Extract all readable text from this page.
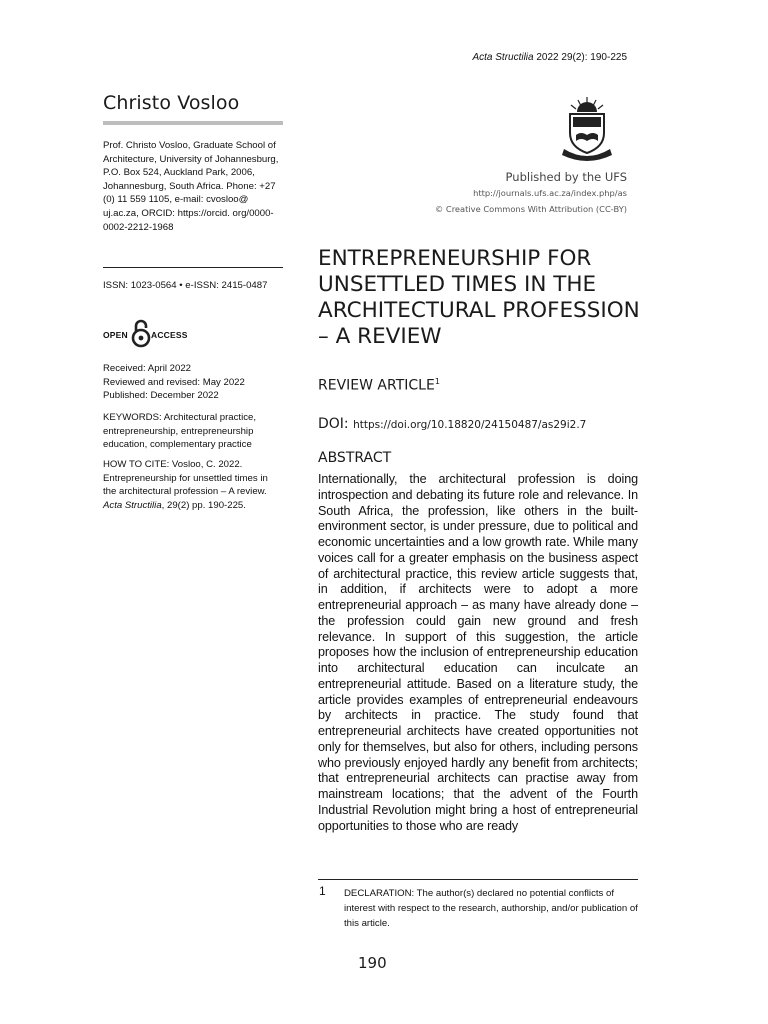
Acta Structilia 2022 29(2): 190-225
Christo Vosloo
Prof. Christo Vosloo, Graduate School of Architecture, University of Johannesburg, P.O. Box 524, Auckland Park, 2006, Johannesburg, South Africa. Phone: +27 (0) 11 559 1105, e-mail: cvosloo@ uj.ac.za, ORCID: https://orcid. org/0000-0002-2212-1968
ISSN: 1023-0564 • e-ISSN: 2415-0487
OPEN	ACCESS
Received: April 2022
Reviewed and revised: May 2022
Published: December 2022
KEYWORDS: Architectural practice, entrepreneurship, entrepreneurship education, complementary practice
HOW TO CITE: Vosloo, C. 2022. Entrepreneurship for unsettled times in the architectural profession – A review. Acta Structilia, 29(2) pp. 190-225.
Published by the UFS
http://journals.ufs.ac.za/index.php/as
© Creative Commons With Attribution (CC-BY)
ENTREPRENEURSHIP FOR
UNSETTLED TIMES IN THE
ARCHITECTURAL PROFESSION
– A REVIEW
REVIEW ARTICLE$^1$
DOI: https://doi.org/10.18820/24150487/as29i2.7
ABSTRACT
Internationally, the architectural profession is doing introspection and debating its future role and relevance. In South Africa, the profession, like others in the built-environment sector, is under pressure, due to political and economic uncertainties and a low growth rate. While many voices call for a greater emphasis on the business aspect of architectural practice, this review article suggests that, in addition, if architects were to adopt a more entrepreneurial approach – as many have already done – the profession could gain new ground and fresh relevance. In support of this suggestion, the article proposes how the inclusion of entrepreneurship education into architectural education can inculcate an entrepreneurial attitude. Based on a literature study, the article provides examples of entrepreneurial endeavours by architects in practice. The study found that entrepreneurial architects have created opportunities not only for themselves, but also for others, including persons who previously enjoyed hardly any benefit from architects; that entrepreneurial architects can practise away from mainstream locations; that the advent of the Fourth Industrial Revolution might bring a host of entrepreneurial opportunities to those who are ready
1 DECLARATION: The author(s) declared no potential conflicts of interest with respect to the research, authorship, and/or publication of this article.
190
